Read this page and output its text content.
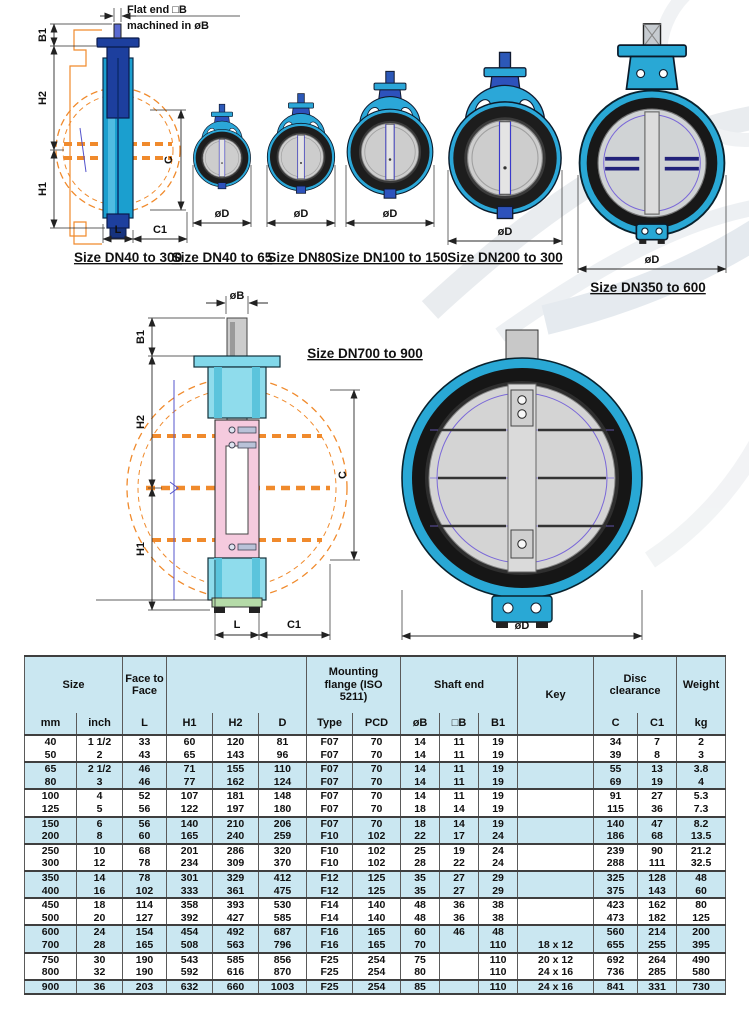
Flat end □B
machined in øB
B1
H2
H1
C
L	C1
Size DN40 to 300
øD
Size DN40 to 65
øD
Size DN80
øD
Size DN100 to 150
øD
Size DN200 to 300	øD
Size DN350 to 600
øB
B1
H2
H1
C
L	C1
Size DN700 to 900
øD
Size		Face to Face				Mounting flange (ISO 5211)		Shaft end			Key	Disc clearance		Weight
mm	inch	L	H1	H2	D	Type	PCD	øB	□B	B1		C	C1	kg
40	1 1/2	33	60	120	81	F07	70	14	11	19		34	7	2
50	2	43	65	143	96	F07	70	14	11	19		39	8	3
65	2 1/2	46	71	155	110	F07	70	14	11	19		55	13	3.8
80	3	46	77	162	124	F07	70	14	11	19		69	19	4
100	4	52	107	181	148	F07	70	14	11	19		91	27	5.3
125	5	56	122	197	180	F07	70	18	14	19		115	36	7.3
150	6	56	140	210	206	F07	70	18	14	19		140	47	8.2
200	8	60	165	240	259	F10	102	22	17	24		186	68	13.5
250	10	68	201	286	320	F10	102	25	19	24		239	90	21.2
300	12	78	234	309	370	F10	102	28	22	24		288	111	32.5
350	14	78	301	329	412	F12	125	35	27	29		325	128	48
400	16	102	333	361	475	F12	125	35	27	29		375	143	60
450	18	114	358	393	530	F14	140	48	36	38		423	162	80
500	20	127	392	427	585	F14	140	48	36	38		473	182	125
600	24	154	454	492	687	F16	165	60	46	48		560	214	200
700	28	165	508	563	796	F16	165	70		110	18 x 12	655	255	395
750	30	190	543	585	856	F25	254	75		110	20 x 12	692	264	490
800	32	190	592	616	870	F25	254	80		110	24 x 16	736	285	580
900	36	203	632	660	1003	F25	254	85		110	24 x 16	841	331	730
